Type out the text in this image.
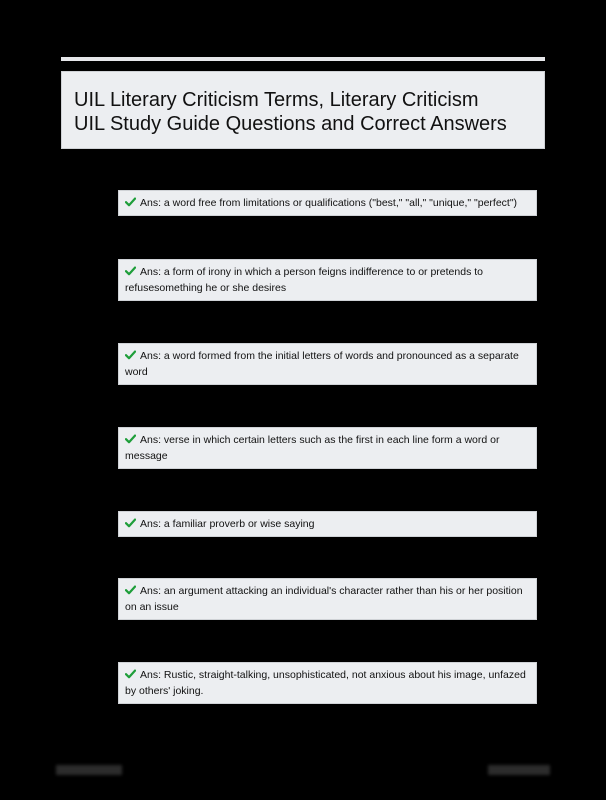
UIL Literary Criticism Terms, Literary Criticism
UIL Study Guide Questions and Correct Answers
Ans: a word free from limitations or qualifications ("best," "all," "unique," "perfect")
Ans: a form of irony in which a person feigns indifference to or pretends to refusesomething he or she desires
Ans: a word formed from the initial letters of words and pronounced as a separate word
Ans: verse in which certain letters such as the first in each line form a word or message
Ans: a familiar proverb or wise saying
Ans: an argument attacking an individual's character rather than his or her position on an issue
Ans: Rustic, straight-talking, unsophisticated, not anxious about his image, unfazed by others' joking.
